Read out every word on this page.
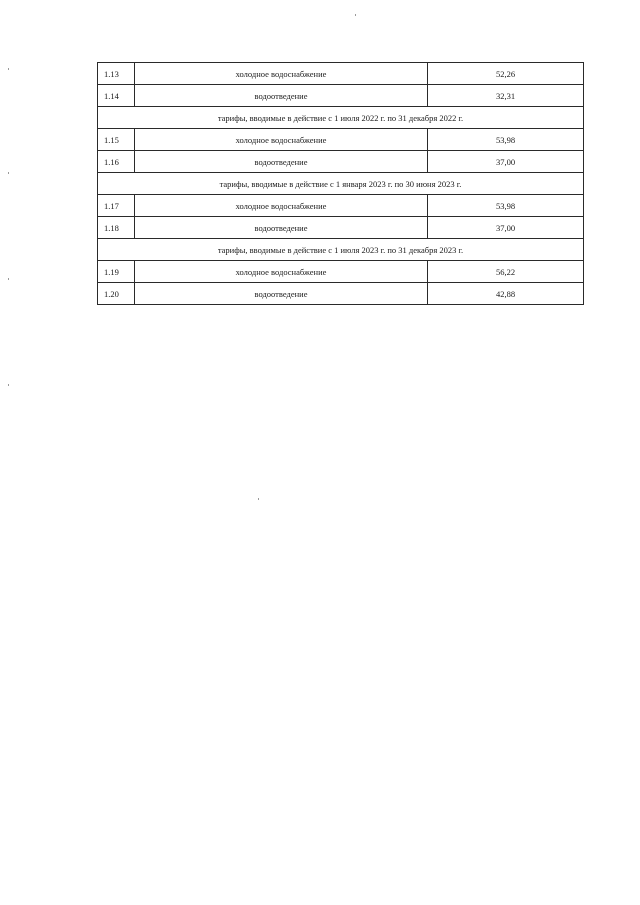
1.13	холодное водоснабжение	52,26
1.14	водоотведение	32,31
тарифы, вводимые в действие с 1 июля 2022 г. по 31 декабря 2022 г.		
1.15	холодное водоснабжение	53,98
1.16	водоотведение	37,00
тарифы, вводимые в действие с 1 января 2023 г. по 30 июня 2023 г.		
1.17	холодное водоснабжение	53,98
1.18	водоотведение	37,00
тарифы, вводимые в действие с 1 июля 2023 г. по 31 декабря 2023 г.		
1.19	холодное водоснабжение	56,22
1.20	водоотведение	42,88
